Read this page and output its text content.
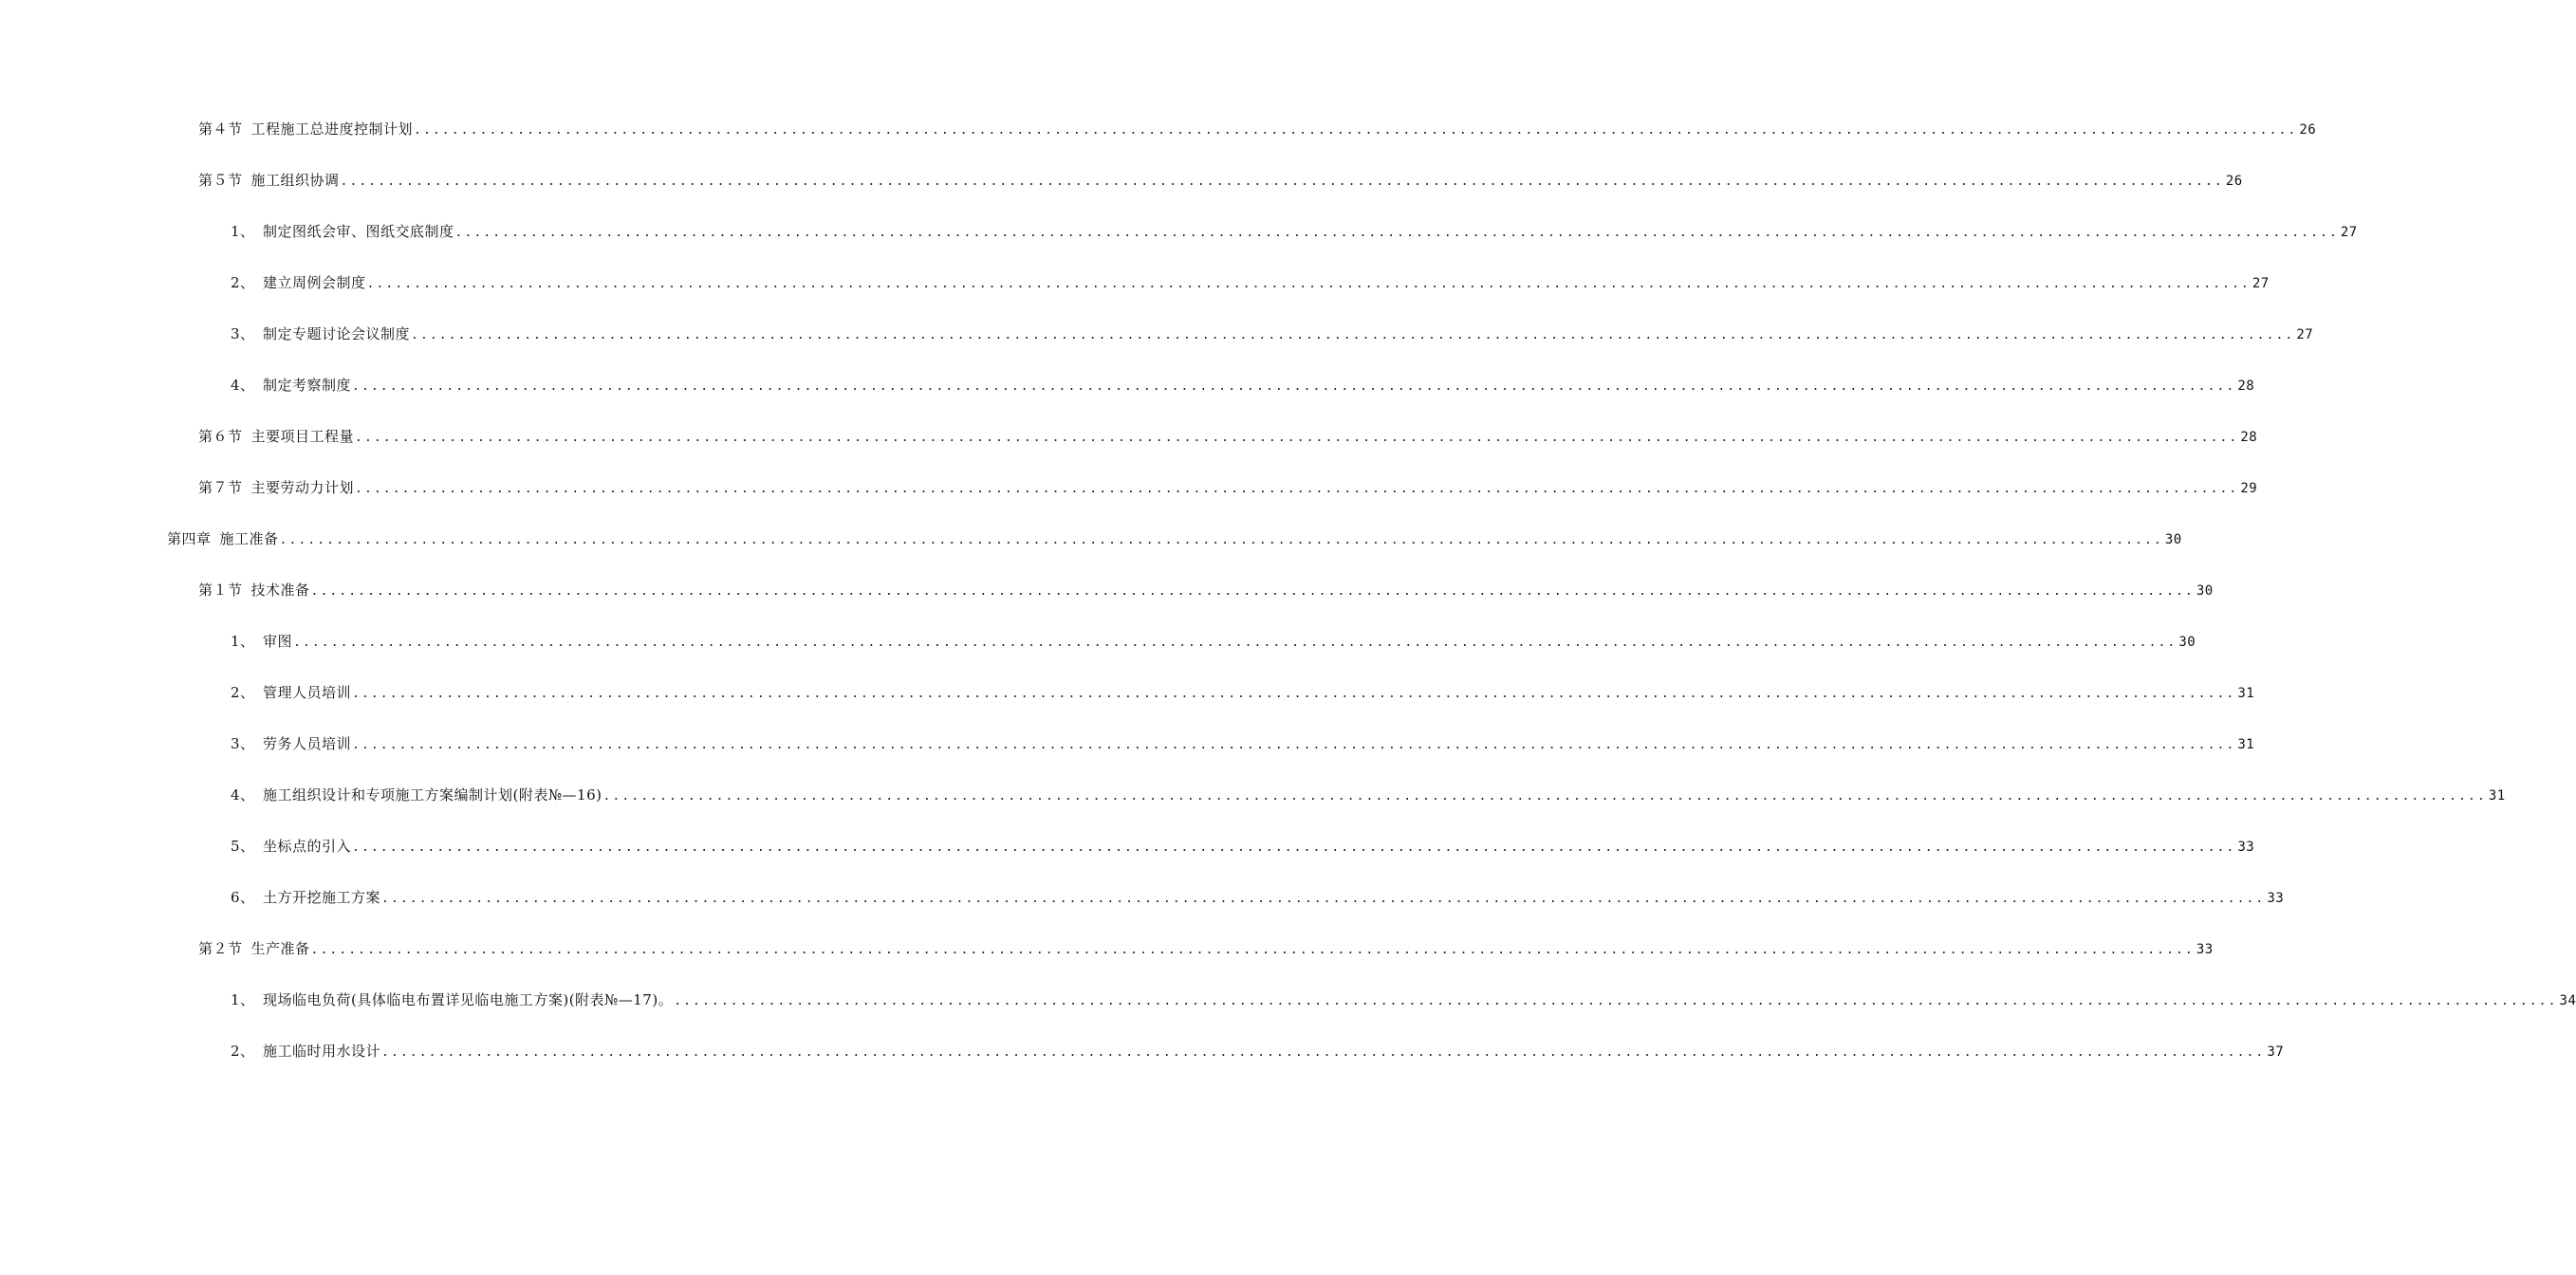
第４节 工程施工总进度控制计划 ........................................................................................................................................................................................................ 26
第５节 施工组织协调 ........................................................................................................................................................................................................ 26
1、 制定图纸会审、图纸交底制度 ........................................................................................................................................................................................................ 27
2、 建立周例会制度 ........................................................................................................................................................................................................ 27
3、 制定专题讨论会议制度 ........................................................................................................................................................................................................ 27
4、 制定考察制度 ........................................................................................................................................................................................................ 28
第６节 主要项目工程量 ........................................................................................................................................................................................................ 28
第７节 主要劳动力计划 ........................................................................................................................................................................................................ 29
第四章 施工准备 ........................................................................................................................................................................................................ 30
第１节 技术准备 ........................................................................................................................................................................................................ 30
1、 审图 ........................................................................................................................................................................................................ 30
2、 管理人员培训 ........................................................................................................................................................................................................ 31
3、 劳务人员培训 ........................................................................................................................................................................................................ 31
4、 施工组织设计和专项施工方案编制计划(附表№—16) ........................................................................................................................................................................................................ 31
5、 坐标点的引入 ........................................................................................................................................................................................................ 33
6、 土方开挖施工方案 ........................................................................................................................................................................................................ 33
第２节 生产准备 ........................................................................................................................................................................................................ 33
1、 现场临电负荷(具体临电布置详见临电施工方案)(附表№—17)。 ........................................................................................................................................................................................................ 34
2、 施工临时用水设计 ........................................................................................................................................................................................................ 37
